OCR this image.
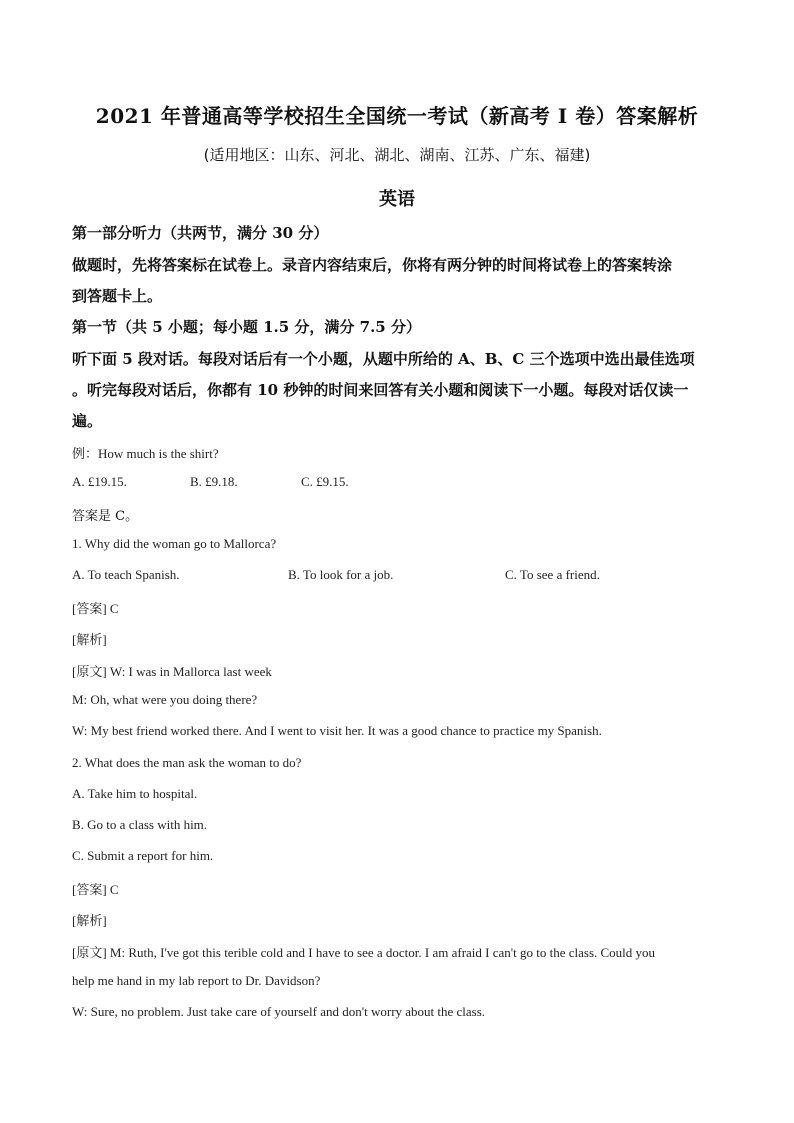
2021 年普通高等学校招生全国统一考试（新高考 I 卷）答案解析
(适用地区：山东、河北、湖北、湖南、江苏、广东、福建)
英语
第一部分听力（共两节，满分 30 分）
做题时，先将答案标在试卷上。录音内容结束后，你将有两分钟的时间将试卷上的答案转涂
到答题卡上。
第一节（共 5 小题；每小题 1.5 分，满分 7.5 分）
听下面 5 段对话。每段对话后有一个小题，从题中所给的 A、B、C 三个选项中选出最佳选项
。听完每段对话后，你都有 10 秒钟的时间来回答有关小题和阅读下一小题。每段对话仅读一
遍。
例：How much is the shirt?
A. £19.15.	B. £9.18.	C. £9.15.
答案是 C。
1. Why did the woman go to Mallorca?
A. To teach Spanish.	B. To look for a job.	C. To see a friend.
[答案] C
[解析]
[原文] W: I was in Mallorca last week
M: Oh, what were you doing there?
W: My best friend worked there. And I went to visit her. It was a good chance to practice my Spanish.
2. What does the man ask the woman to do?
A. Take him to hospital.
B. Go to a class with him.
C. Submit a report for him.
[答案] C
[解析]
[原文] M: Ruth, I've got this terible cold and I have to see a doctor. I am afraid I can't go to the class. Could you
help me hand in my lab report to Dr. Davidson?
W: Sure, no problem. Just take care of yourself and don't worry about the class.
